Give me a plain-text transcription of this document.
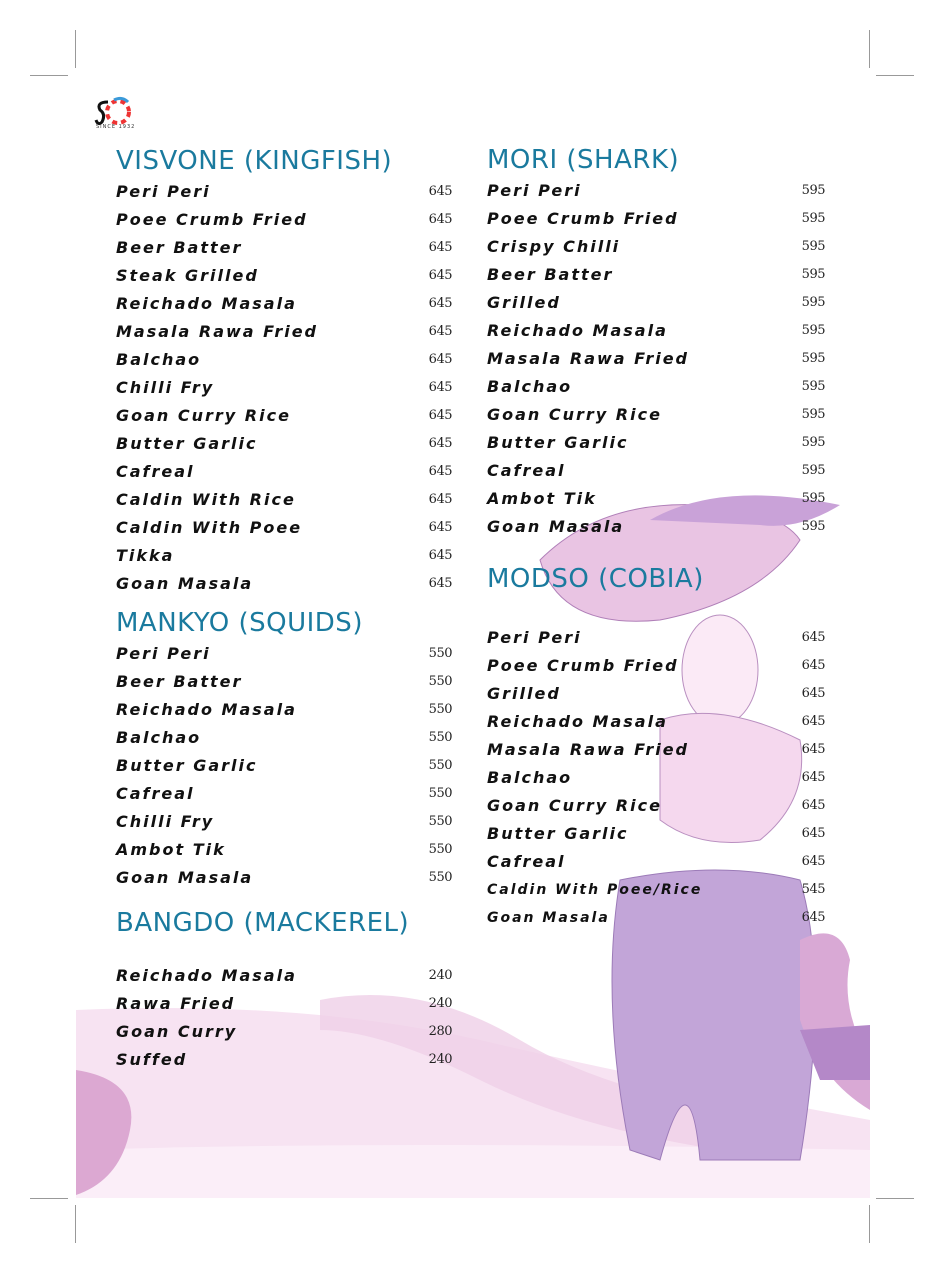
SINCE 1932
VISVONE (KINGFISH)
Peri Peri	645
Poee Crumb Fried	645
Beer Batter	645
Steak Grilled	645
Reichado Masala	645
Masala Rawa Fried	645
Balchao	645
Chilli Fry	645
Goan Curry Rice	645
Butter Garlic	645
Cafreal	645
Caldin With Rice	645
Caldin With Poee	645
Tikka	645
Goan Masala	645
MANKYO (SQUIDS)
Peri Peri	550
Beer Batter	550
Reichado Masala	550
Balchao	550
Butter Garlic	550
Cafreal	550
Chilli Fry	550
Ambot Tik	550
Goan Masala	550
BANGDO (MACKEREL)
Reichado Masala	240
Rawa Fried	240
Goan Curry	280
Suffed	240
MORI (SHARK)
Peri Peri	595
Poee Crumb Fried	595
Crispy Chilli	595
Beer Batter	595
Grilled	595
Reichado Masala	595
Masala Rawa Fried	595
Balchao	595
Goan Curry Rice	595
Butter Garlic	595
Cafreal	595
Ambot Tik	595
Goan Masala	595
MODSO (COBIA)
Peri Peri	645
Poee Crumb Fried	645
Grilled	645
Reichado Masala	645
Masala Rawa Fried	645
Balchao	645
Goan Curry Rice	645
Butter Garlic	645
Cafreal	645
Caldin With Poee/Rice	545
Goan Masala	645
